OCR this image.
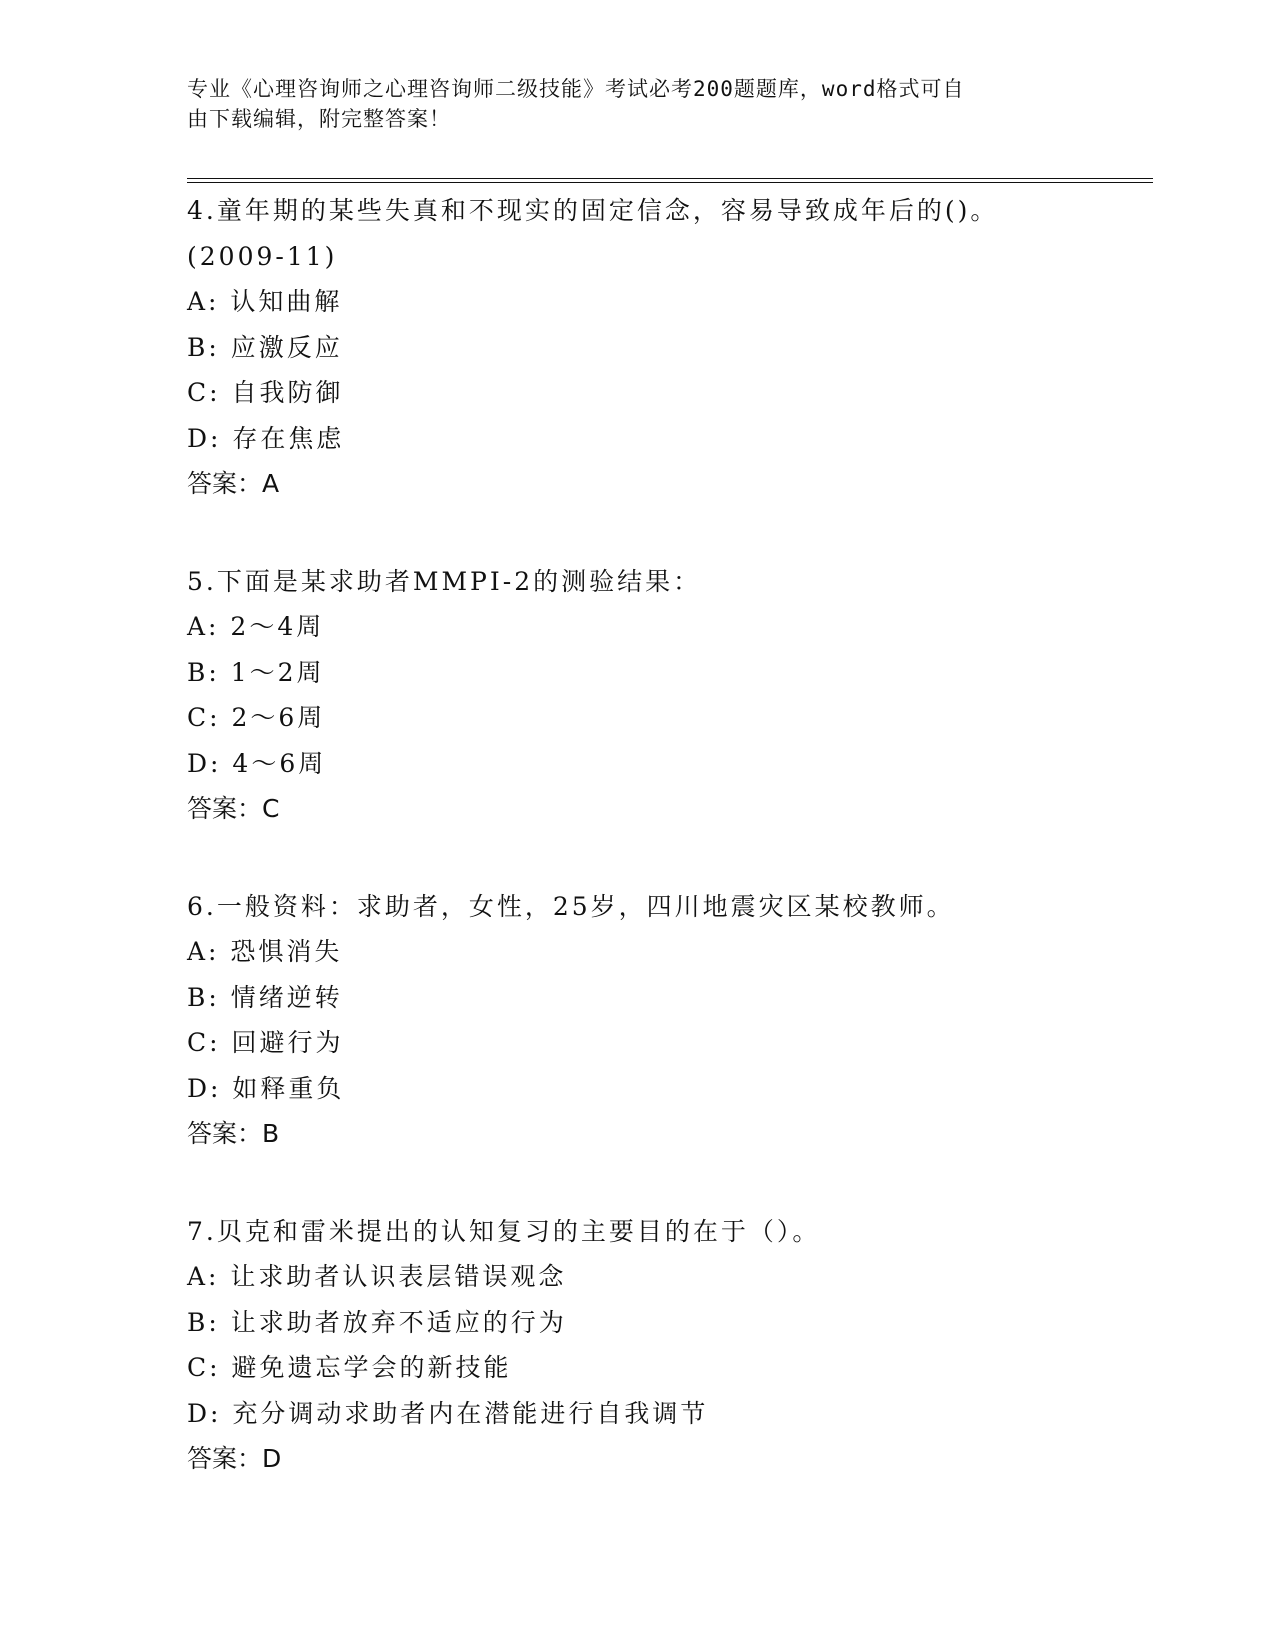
专业《心理咨询师之心理咨询师二级技能》考试必考200题题库，word格式可自
由下载编辑，附完整答案！
4.童年期的某些失真和不现实的固定信念，容易导致成年后的()。
(2009-11)
A: 认知曲解
B: 应激反应
C: 自我防御
D: 存在焦虑
答案：A
5.下面是某求助者MMPI-2的测验结果：
A: 2～4周
B: 1～2周
C: 2～6周
D: 4～6周
答案：C
6.一般资料：求助者，女性，25岁，四川地震灾区某校教师。
A: 恐惧消失
B: 情绪逆转
C: 回避行为
D: 如释重负
答案：B
7.贝克和雷米提出的认知复习的主要目的在于（）。
A: 让求助者认识表层错误观念
B: 让求助者放弃不适应的行为
C: 避免遗忘学会的新技能
D: 充分调动求助者内在潜能进行自我调节
答案：D
